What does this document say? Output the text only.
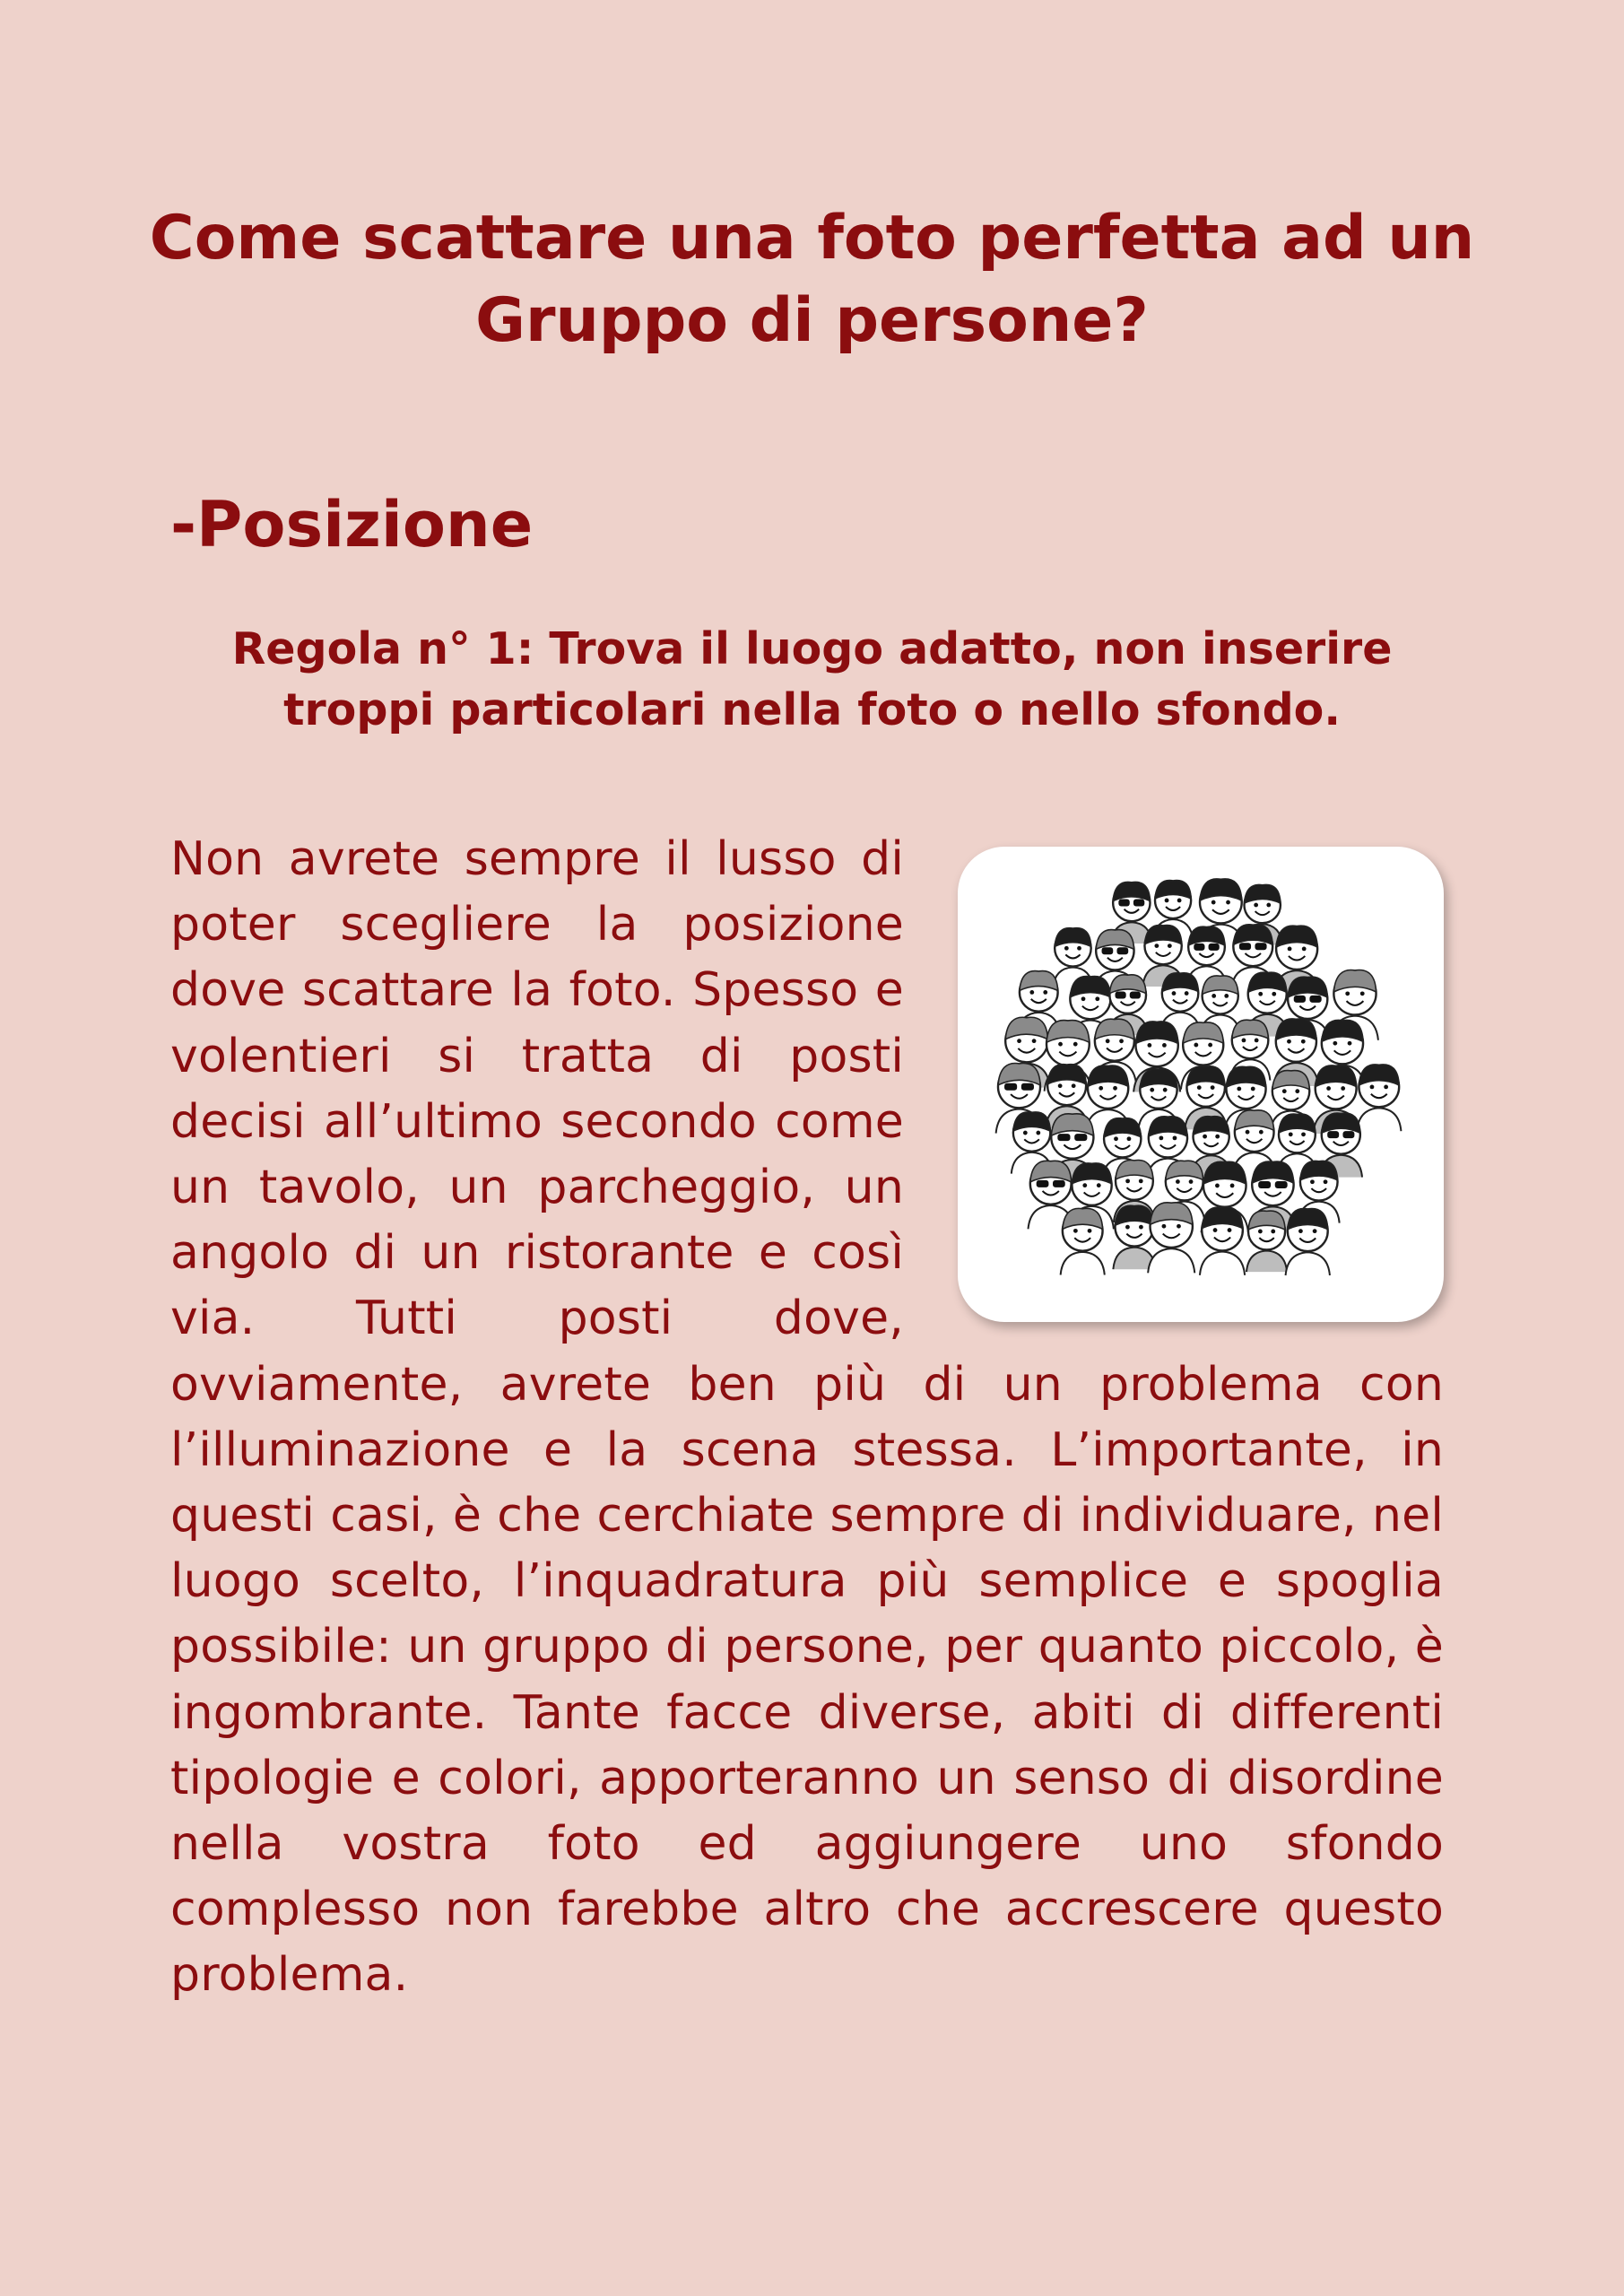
Come scattare una foto perfetta ad un Gruppo di persone?
-Posizione

Regola n° 1: Trova il luogo adatto, non inserire troppi particolari nella foto o nello sfondo.

Non avrete sempre il lusso di poter scegliere la posizione dove scattare la foto. Spesso e volentieri si tratta di posti decisi all’ultimo secondo come un tavolo, un parcheggio, un angolo di un ristorante e così via. Tutti posti dove, ovviamente, avrete ben più di un problema con l’illuminazione e la scena stessa. L’importante, in questi casi, è che cerchiate sempre di individuare, nel luogo scelto, l’inquadratura più semplice e spoglia possibile: un gruppo di persone, per quanto piccolo, è ingombrante. Tante facce diverse, abiti di differenti tipologie e colori, apporteranno un senso di disordine nella vostra foto ed aggiungere uno sfondo complesso non farebbe altro che accrescere questo problema.
